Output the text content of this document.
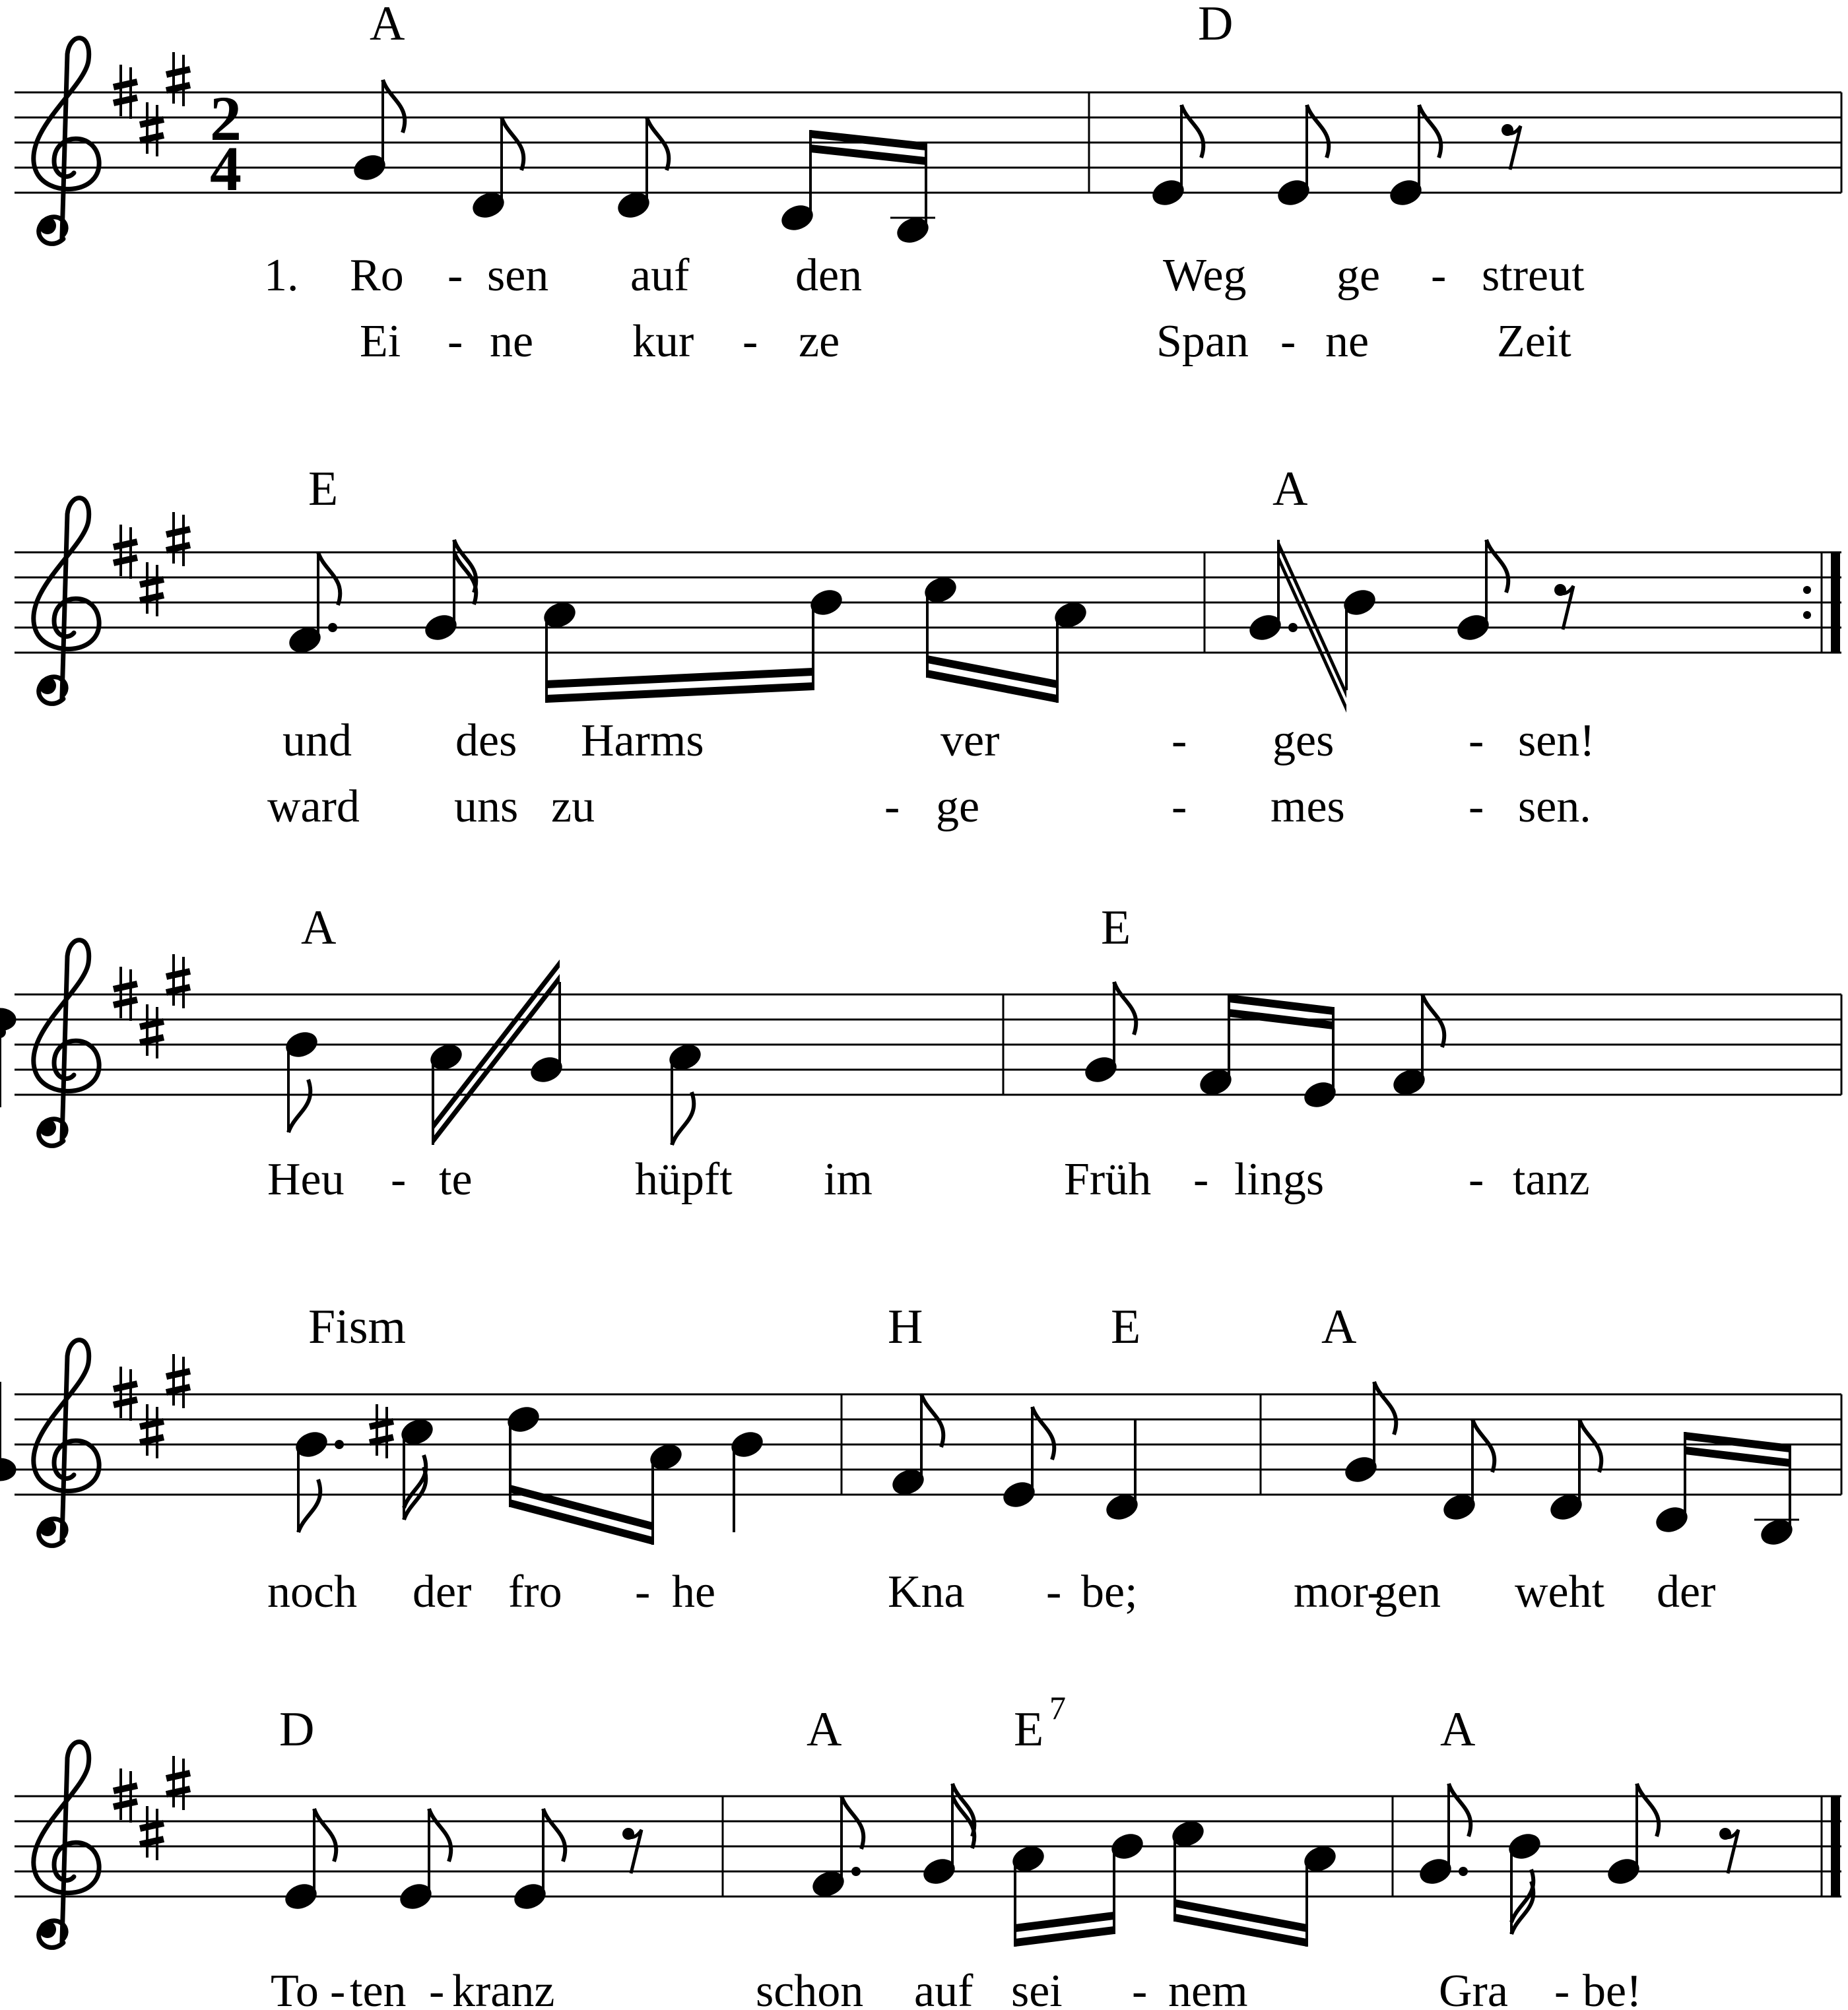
2
4
A	D
1. Ro - sen auf den	Weg ge - streut
Ei - ne kur - ze	Span - ne	Zeit
E	A
und des Harms	ver	- ges	- sen!
ward uns zu	- ge	- mes	- sen.
A	E
Heu - te	hüpft im	Früh - lings	- tanz
Fism	H	E	A
noch der fro - he	Kna - be;	mor-
gen weht der
D	A	E 7	A
To - ten - kranz	schon auf sei - nem	Gra - be!
